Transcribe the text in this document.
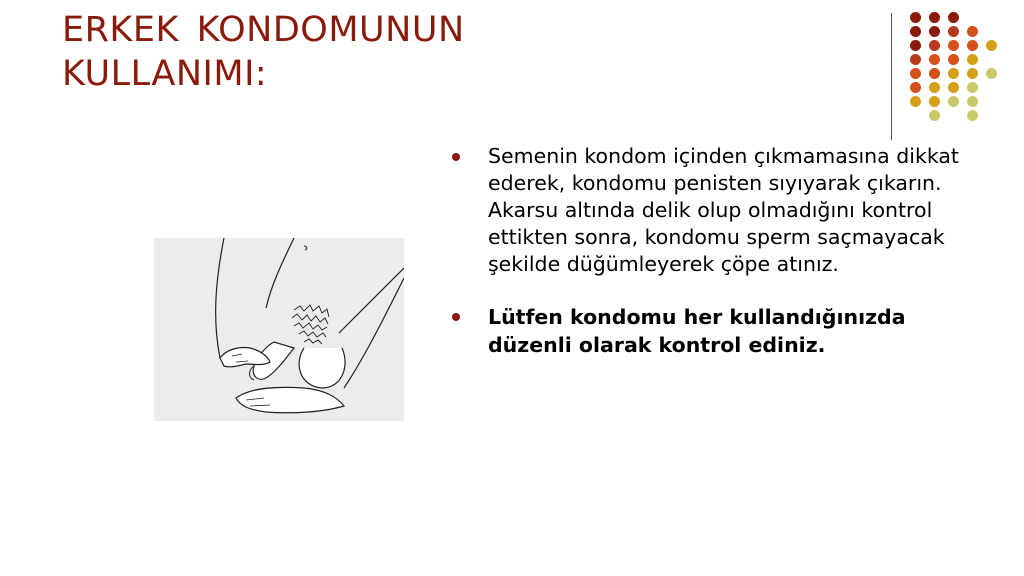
ERKEK KONDOMUNUN
KULLANIMI:
Semenin kondom içinden çıkmamasına dikkat ederek, kondomu penisten sıyıyarak çıkarın. Akarsu altında delik olup olmadığını kontrol ettikten sonra, kondomu sperm saçmayacak şekilde düğümleyerek çöpe atınız.
Lütfen kondomu her kullandığınızda düzenli olarak kontrol ediniz.
